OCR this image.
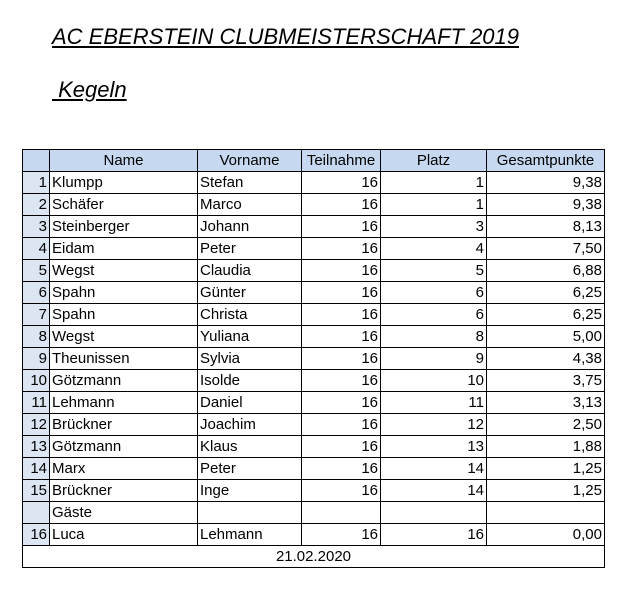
AC EBERSTEIN CLUBMEISTERSCHAFT 2019
Kegeln
	Name	Vorname	Teilnahme	Platz	Gesamtpunkte
1	Klumpp	Stefan	16	1	9,38
2	Schäfer	Marco	16	1	9,38
3	Steinberger	Johann	16	3	8,13
4	Eidam	Peter	16	4	7,50
5	Wegst	Claudia	16	5	6,88
6	Spahn	Günter	16	6	6,25
7	Spahn	Christa	16	6	6,25
8	Wegst	Yuliana	16	8	5,00
9	Theunissen	Sylvia	16	9	4,38
10	Götzmann	Isolde	16	10	3,75
11	Lehmann	Daniel	16	11	3,13
12	Brückner	Joachim	16	12	2,50
13	Götzmann	Klaus	16	13	1,88
14	Marx	Peter	16	14	1,25
15	Brückner	Inge	16	14	1,25
	Gäste				
16	Luca	Lehmann	16	16	0,00
21.02.2020					
